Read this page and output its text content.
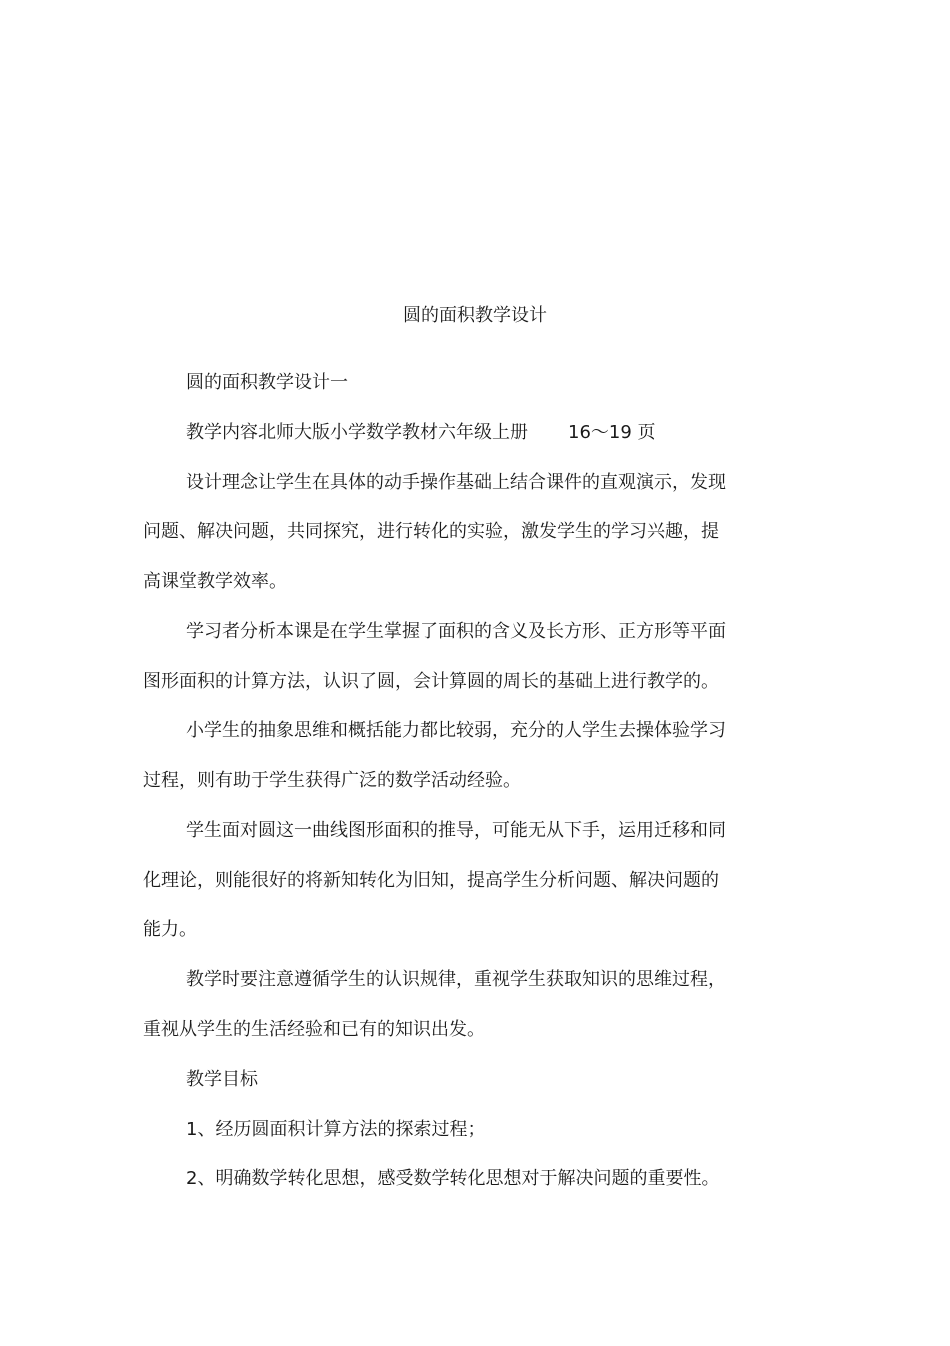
圆的面积教学设计
圆的面积教学设计一
教学内容北师大版小学数学教材六年级上册 16～19 页
设计理念让学生在具体的动手操作基础上结合课件的直观演示，发现
问题、解决问题，共同探究，进行转化的实验，激发学生的学习兴趣，提
高课堂教学效率。
学习者分析本课是在学生掌握了面积的含义及长方形、正方形等平面
图形面积的计算方法，认识了圆，会计算圆的周长的基础上进行教学的。
小学生的抽象思维和概括能力都比较弱，充分的人学生去操体验学习
过程，则有助于学生获得广泛的数学活动经验。
学生面对圆这一曲线图形面积的推导，可能无从下手，运用迁移和同
化理论，则能很好的将新知转化为旧知，提高学生分析问题、解决问题的
能力。
教学时要注意遵循学生的认识规律，重视学生获取知识的思维过程，
重视从学生的生活经验和已有的知识出发。
教学目标
1、经历圆面积计算方法的探索过程；
2、明确数学转化思想，感受数学转化思想对于解决问题的重要性。
